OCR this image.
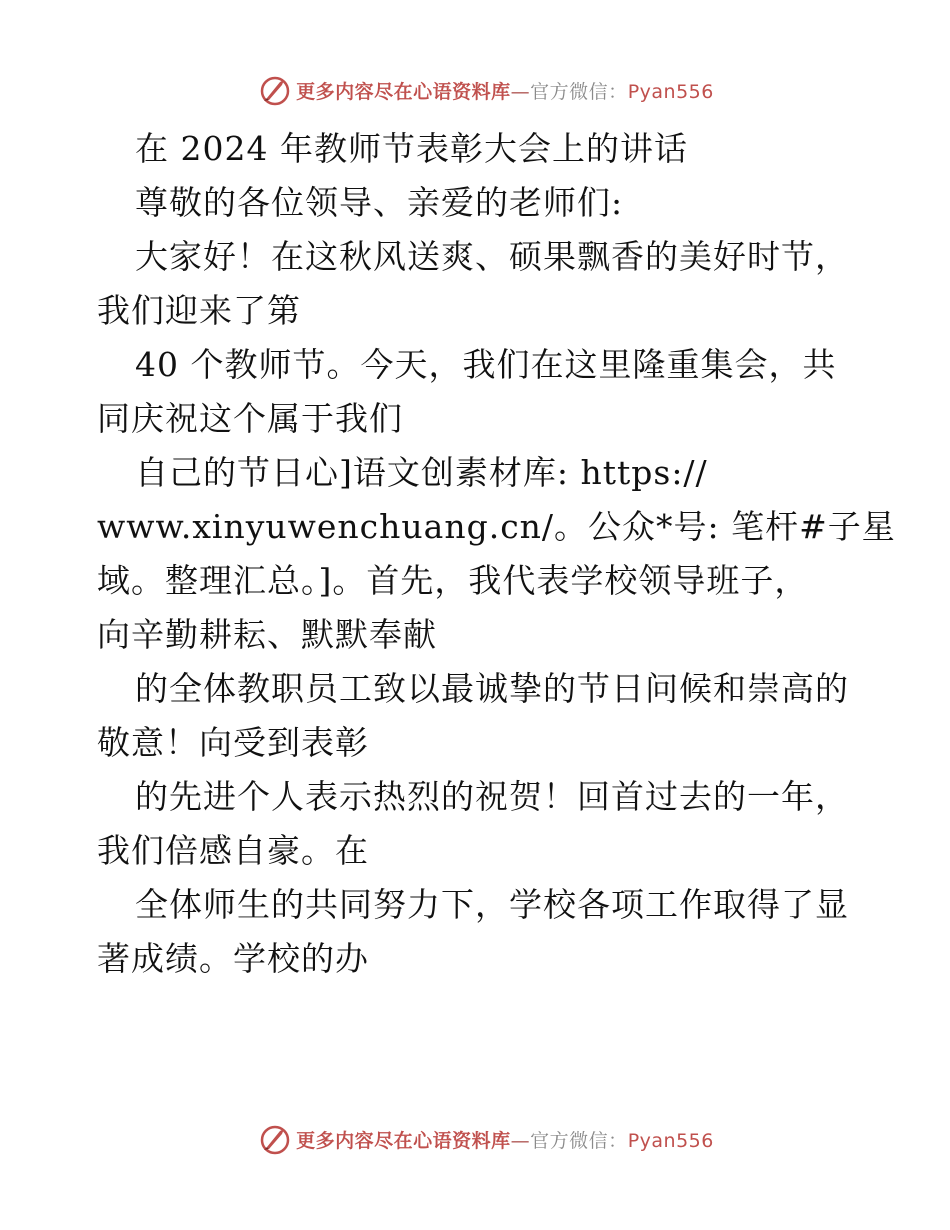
更多内容尽在心语资料库—官方微信：Pyan556
在 2024 年教师节表彰大会上的讲话
尊敬的各位领导、亲爱的老师们:
大家好！在这秋风送爽、硕果飘香的美好时节，
我们迎来了第
40 个教师节。今天，我们在这里隆重集会，共
同庆祝这个属于我们
自己的节日心]语文创素材库: https://
www.xinyuwenchuang.cn/。公众*号: 笔杆#子星
域。整理汇总。]。首先，我代表学校领导班子，
向辛勤耕耘、默默奉献
的全体教职员工致以最诚挚的节日问候和崇高的
敬意！向受到表彰
的先进个人表示热烈的祝贺！回首过去的一年，
我们倍感自豪。在
全体师生的共同努力下，学校各项工作取得了显
著成绩。学校的办
更多内容尽在心语资料库—官方微信：Pyan556
